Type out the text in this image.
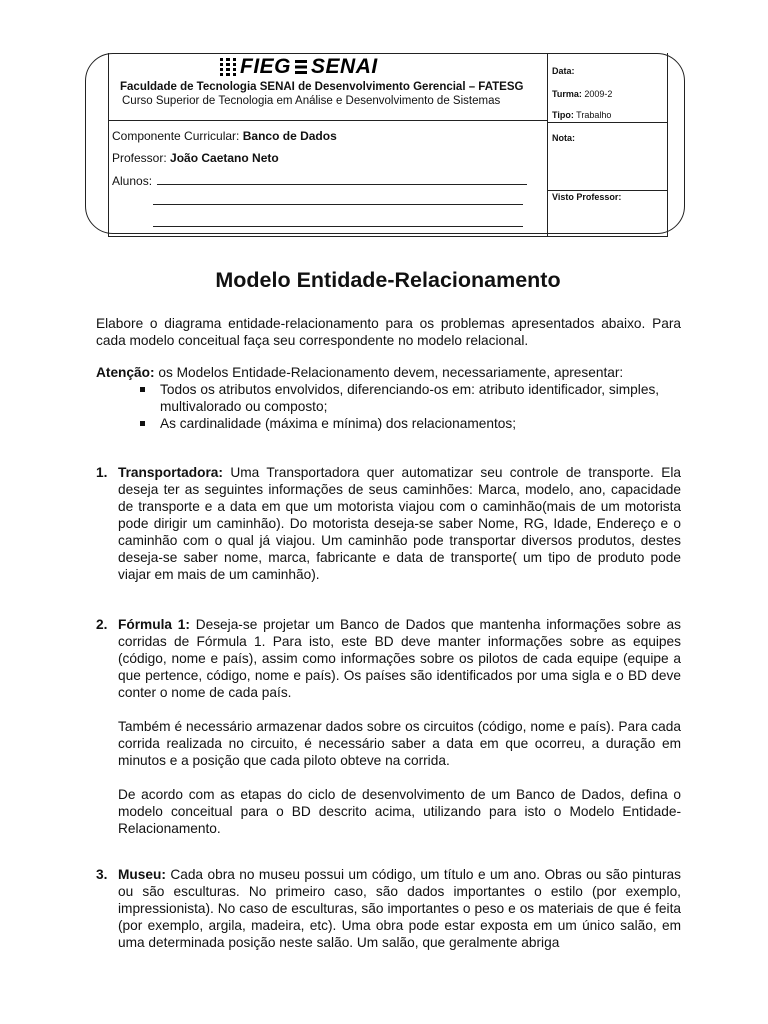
FIEG SENAI
Faculdade de Tecnologia SENAI de Desenvolvimento Gerencial – FATESG
Curso Superior de Tecnologia em Análise e Desenvolvimento de Sistemas
Componente Curricular: Banco de Dados
Professor: João Caetano Neto
Alunos:
Data:
Turma: 2009-2
Tipo: Trabalho
Nota:
Visto Professor:
Modelo Entidade-Relacionamento

Elabore o diagrama entidade-relacionamento para os problemas apresentados abaixo. Para cada modelo conceitual faça seu correspondente no modelo relacional.

Atenção: os Modelos Entidade-Relacionamento devem, necessariamente, apresentar:

Todos os atributos envolvidos, diferenciando-os em: atributo identificador, simples, multivalorado ou composto;
As cardinalidade (máxima e mínima) dos relacionamentos;
1. Transportadora: Uma Transportadora quer automatizar seu controle de transporte. Ela deseja ter as seguintes informações de seus caminhões: Marca, modelo, ano, capacidade de transporte e a data em que um motorista viajou com o caminhão(mais de um motorista pode dirigir um caminhão). Do motorista deseja-se saber Nome, RG, Idade, Endereço e o caminhão com o qual já viajou. Um caminhão pode transportar diversos produtos, destes deseja-se saber nome, marca, fabricante e data de transporte( um tipo de produto pode viajar em mais de um caminhão).

2. Fórmula 1: Deseja-se projetar um Banco de Dados que mantenha informações sobre as corridas de Fórmula 1. Para isto, este BD deve manter informações sobre as equipes (código, nome e país), assim como informações sobre os pilotos de cada equipe (equipe a que pertence, código, nome e país). Os países são identificados por uma sigla e o BD deve conter o nome de cada país.

Também é necessário armazenar dados sobre os circuitos (código, nome e país). Para cada corrida realizada no circuito, é necessário saber a data em que ocorreu, a duração em minutos e a posição que cada piloto obteve na corrida.

De acordo com as etapas do ciclo de desenvolvimento de um Banco de Dados, defina o modelo conceitual para o BD descrito acima, utilizando para isto o Modelo Entidade-Relacionamento.

3. Museu: Cada obra no museu possui um código, um título e um ano. Obras ou são pinturas ou são esculturas. No primeiro caso, são dados importantes o estilo (por exemplo, impressionista). No caso de esculturas, são importantes o peso e os materiais de que é feita (por exemplo, argila, madeira, etc). Uma obra pode estar exposta em um único salão, em uma determinada posição neste salão. Um salão, que geralmente abriga
